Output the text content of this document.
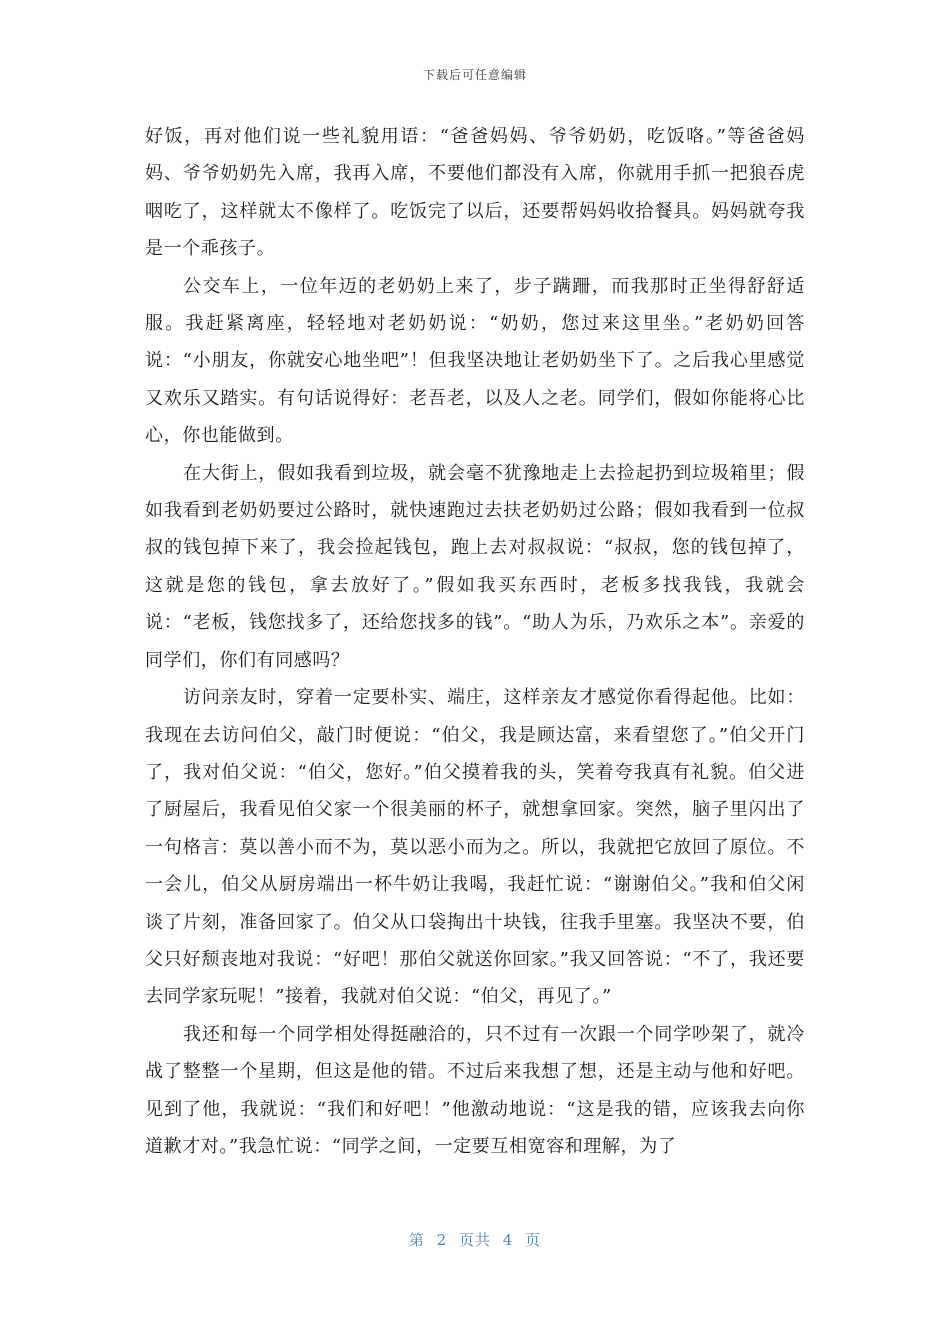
下载后可任意编辑

好饭，再对他们说一些礼貌用语：“爸爸妈妈、爷爷奶奶，吃饭咯。”等爸爸妈妈、爷爷奶奶先入席，我再入席，不要他们都没有入席，你就用手抓一把狼吞虎咽吃了，这样就太不像样了。吃饭完了以后，还要帮妈妈收拾餐具。妈妈就夸我是一个乖孩子。

公交车上，一位年迈的老奶奶上来了，步子蹒跚，而我那时正坐得舒舒适服。我赶紧离座，轻轻地对老奶奶说：“奶奶，您过来这里坐。”老奶奶回答说：“小朋友，你就安心地坐吧”！但我坚决地让老奶奶坐下了。之后我心里感觉又欢乐又踏实。有句话说得好：老吾老，以及人之老。同学们，假如你能将心比心，你也能做到。

在大街上，假如我看到垃圾，就会毫不犹豫地走上去捡起扔到垃圾箱里；假如我看到老奶奶要过公路时，就快速跑过去扶老奶奶过公路；假如我看到一位叔叔的钱包掉下来了，我会捡起钱包，跑上去对叔叔说：“叔叔，您的钱包掉了，这就是您的钱包，拿去放好了。”假如我买东西时，老板多找我钱，我就会说：“老板，钱您找多了，还给您找多的钱”。“助人为乐，乃欢乐之本”。亲爱的同学们，你们有同感吗？

访问亲友时，穿着一定要朴实、端庄，这样亲友才感觉你看得起他。比如：我现在去访问伯父，敲门时便说：“伯父，我是顾达富，来看望您了。”伯父开门了，我对伯父说：“伯父，您好。”伯父摸着我的头，笑着夸我真有礼貌。伯父进了厨屋后，我看见伯父家一个很美丽的杯子，就想拿回家。突然，脑子里闪出了一句格言：莫以善小而不为，莫以恶小而为之。所以，我就把它放回了原位。不一会儿，伯父从厨房端出一杯牛奶让我喝，我赶忙说：“谢谢伯父。”我和伯父闲谈了片刻，准备回家了。伯父从口袋掏出十块钱，往我手里塞。我坚决不要，伯父只好颓丧地对我说：“好吧！那伯父就送你回家。”我又回答说：“不了，我还要去同学家玩呢！”接着，我就对伯父说：“伯父，再见了。”

我还和每一个同学相处得挺融洽的，只不过有一次跟一个同学吵架了，就冷战了整整一个星期，但这是他的错。不过后来我想了想，还是主动与他和好吧。见到了他，我就说：“我们和好吧！”他激动地说：“这是我的错，应该我去向你道歉才对。”我急忙说：“同学之间，一定要互相宽容和理解，为了

第 2 页共 4 页
